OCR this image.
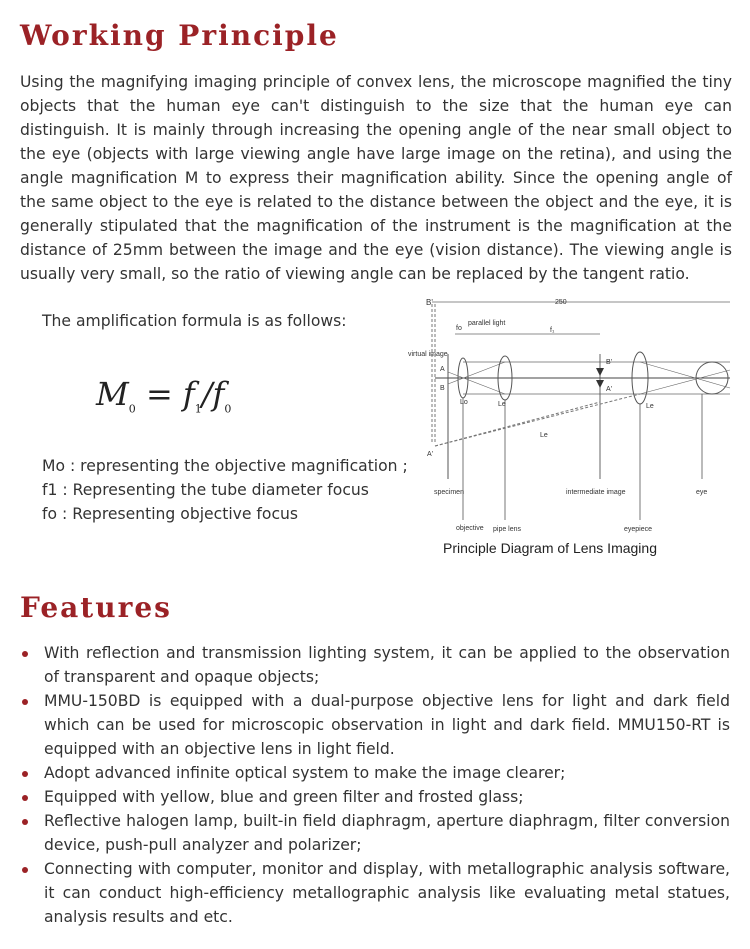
Working Principle

Using the magnifying imaging principle of convex lens, the microscope magnified the tiny objects that the human eye can't distinguish to the size that the human eye can distinguish. It is mainly through increasing the opening angle of the near small object to the eye (objects with large viewing angle have large image on the retina), and using the angle magnification M to express their magnification ability. Since the opening angle of the same object to the eye is related to the distance between the object and the eye, it is generally stipulated that the magnification of the instrument is the magnification at the distance of 25mm between the image and the eye (vision distance). The viewing angle is usually very small, so the ratio of viewing angle can be replaced by the tangent ratio.

The amplification formula is as follows:

$M_0 = f_1/f_0$
Mo : representing the objective magnification ;
f1 : Representing the tube diameter focus
fo : Representing objective focus
B'	250
virtual image
A'
fo
parallel light
f₁
A
B
Lo	Le
B'
A'
Le
Le
specimen	intermediate image	eye
objective pipe lens	eyepiece
Principle Diagram of Lens Imaging
Features
With reflection and transmission lighting system, it can be applied to the observation of transparent and opaque objects;
MMU-150BD is equipped with a dual-purpose objective lens for light and dark field which can be used for microscopic observation in light and dark field. MMU150-RT is equipped with an objective lens in light field.
Adopt advanced infinite optical system to make the image clearer;
Equipped with yellow, blue and green filter and frosted glass;
Reflective halogen lamp, built-in field diaphragm, aperture diaphragm, filter conversion device, push-pull analyzer and polarizer;
Connecting with computer, monitor and display, with metallographic analysis software, it can conduct high-efficiency metallographic analysis like evaluating metal statues, analysis results and etc.
